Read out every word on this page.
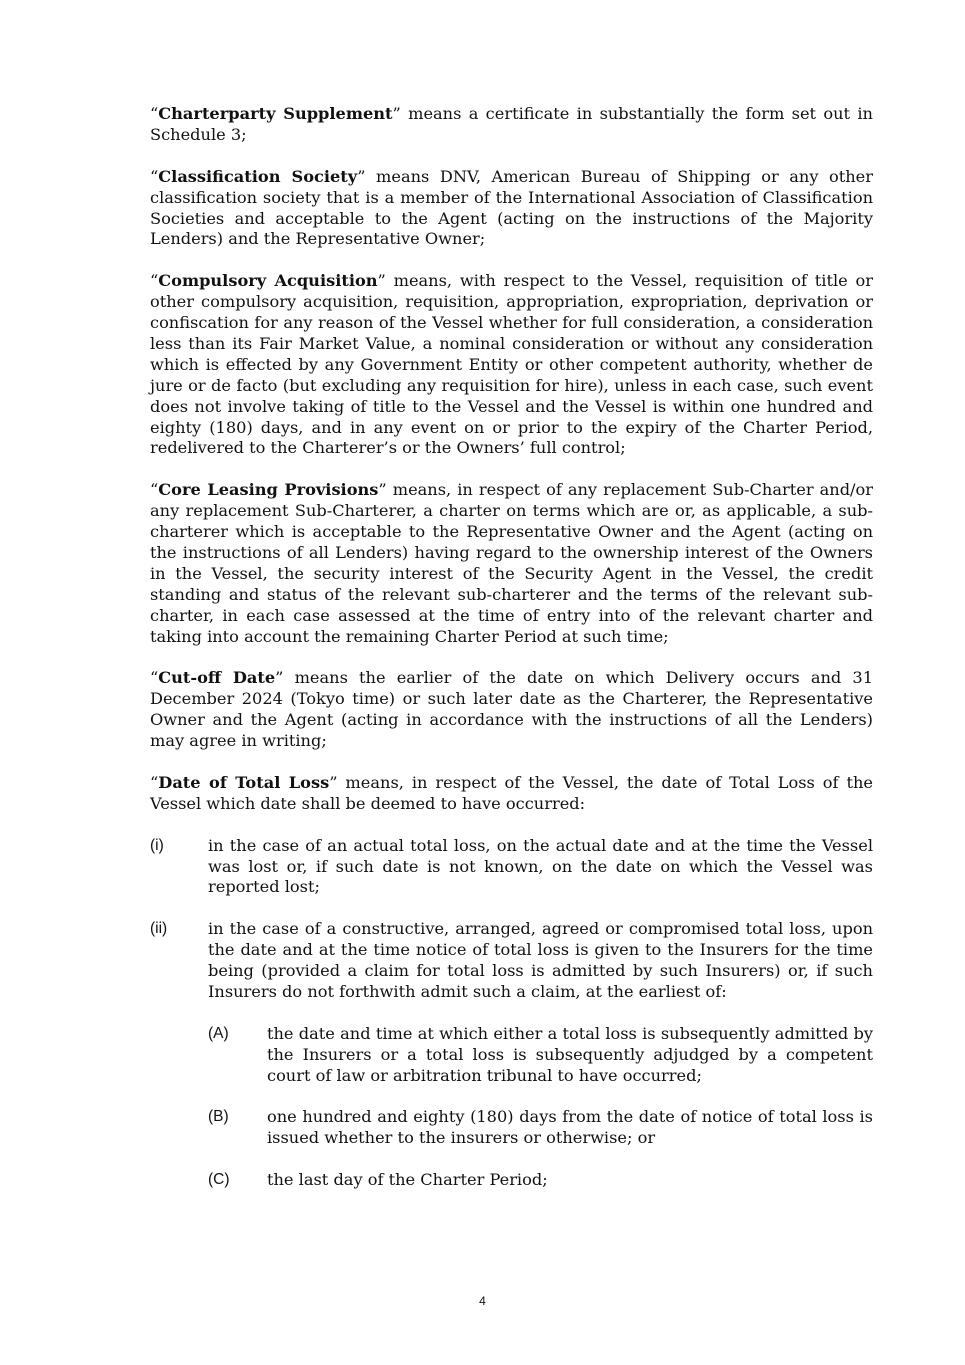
“Charterparty Supplement” means a certificate in substantially the form set out in Schedule 3;

“Classification Society” means DNV, American Bureau of Shipping or any other classification society that is a member of the International Association of Classification Societies and acceptable to the Agent (acting on the instructions of the Majority Lenders) and the Representative Owner;

“Compulsory Acquisition” means, with respect to the Vessel, requisition of title or other compulsory acquisition, requisition, appropriation, expropriation, deprivation or confiscation for any reason of the Vessel whether for full consideration, a consideration less than its Fair Market Value, a nominal consideration or without any consideration which is effected by any Government Entity or other competent authority, whether de jure or de facto (but excluding any requisition for hire), unless in each case, such event does not involve taking of title to the Vessel and the Vessel is within one hundred and eighty (180) days, and in any event on or prior to the expiry of the Charter Period, redelivered to the Charterer’s or the Owners’ full control;

“Core Leasing Provisions” means, in respect of any replacement Sub-Charter and/or any replacement Sub-Charterer, a charter on terms which are or, as applicable, a sub-charterer which is acceptable to the Representative Owner and the Agent (acting on the instructions of all Lenders) having regard to the ownership interest of the Owners in the Vessel, the security interest of the Security Agent in the Vessel, the credit standing and status of the relevant sub-charterer and the terms of the relevant sub-charter, in each case assessed at the time of entry into of the relevant charter and taking into account the remaining Charter Period at such time;

“Cut-off Date” means the earlier of the date on which Delivery occurs and 31 December 2024 (Tokyo time) or such later date as the Charterer, the Representative Owner and the Agent (acting in accordance with the instructions of all the Lenders) may agree in writing;

“Date of Total Loss” means, in respect of the Vessel, the date of Total Loss of the Vessel which date shall be deemed to have occurred:

(i)	in the case of an actual total loss, on the actual date and at the time the Vessel was lost or, if such date is not known, on the date on which the Vessel was reported lost;
(ii)	in the case of a constructive, arranged, agreed or compromised total loss, upon the date and at the time notice of total loss is given to the Insurers for the time being (provided a claim for total loss is admitted by such Insurers) or, if such Insurers do not forthwith admit such a claim, at the earliest of:
(A) the date and time at which either a total loss is subsequently admitted by the Insurers or a total loss is subsequently adjudged by a competent court of law or arbitration tribunal to have occurred;
(B) one hundred and eighty (180) days from the date of notice of total loss is issued whether to the insurers or otherwise; or
(C) the last day of the Charter Period;
4
